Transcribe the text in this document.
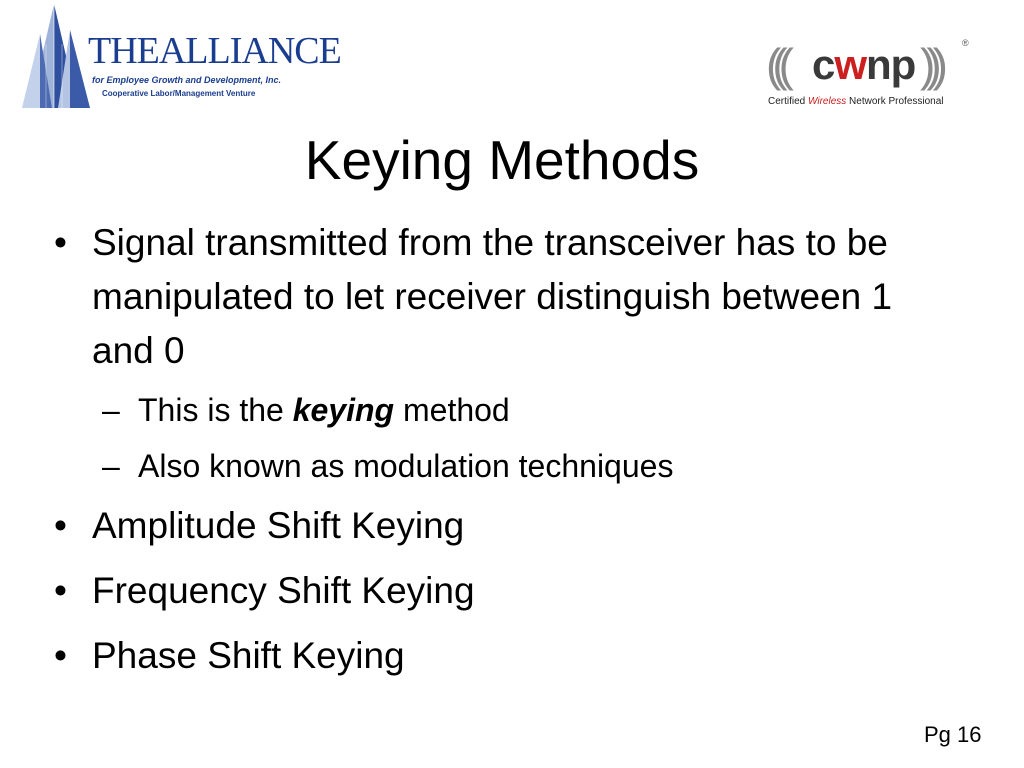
THEALLIANCE
for Employee Growth and Development, Inc.
Cooperative Labor/Management Venture
((( cwnp )))	®
Certified Wireless Network Professional
Keying Methods
• Signal transmitted from the transceiver has to be manipulated to let receiver distinguish between 1 and 0
– This is the keying method
– Also known as modulation techniques
• Amplitude Shift Keying
• Frequency Shift Keying
• Phase Shift Keying
Pg 16
